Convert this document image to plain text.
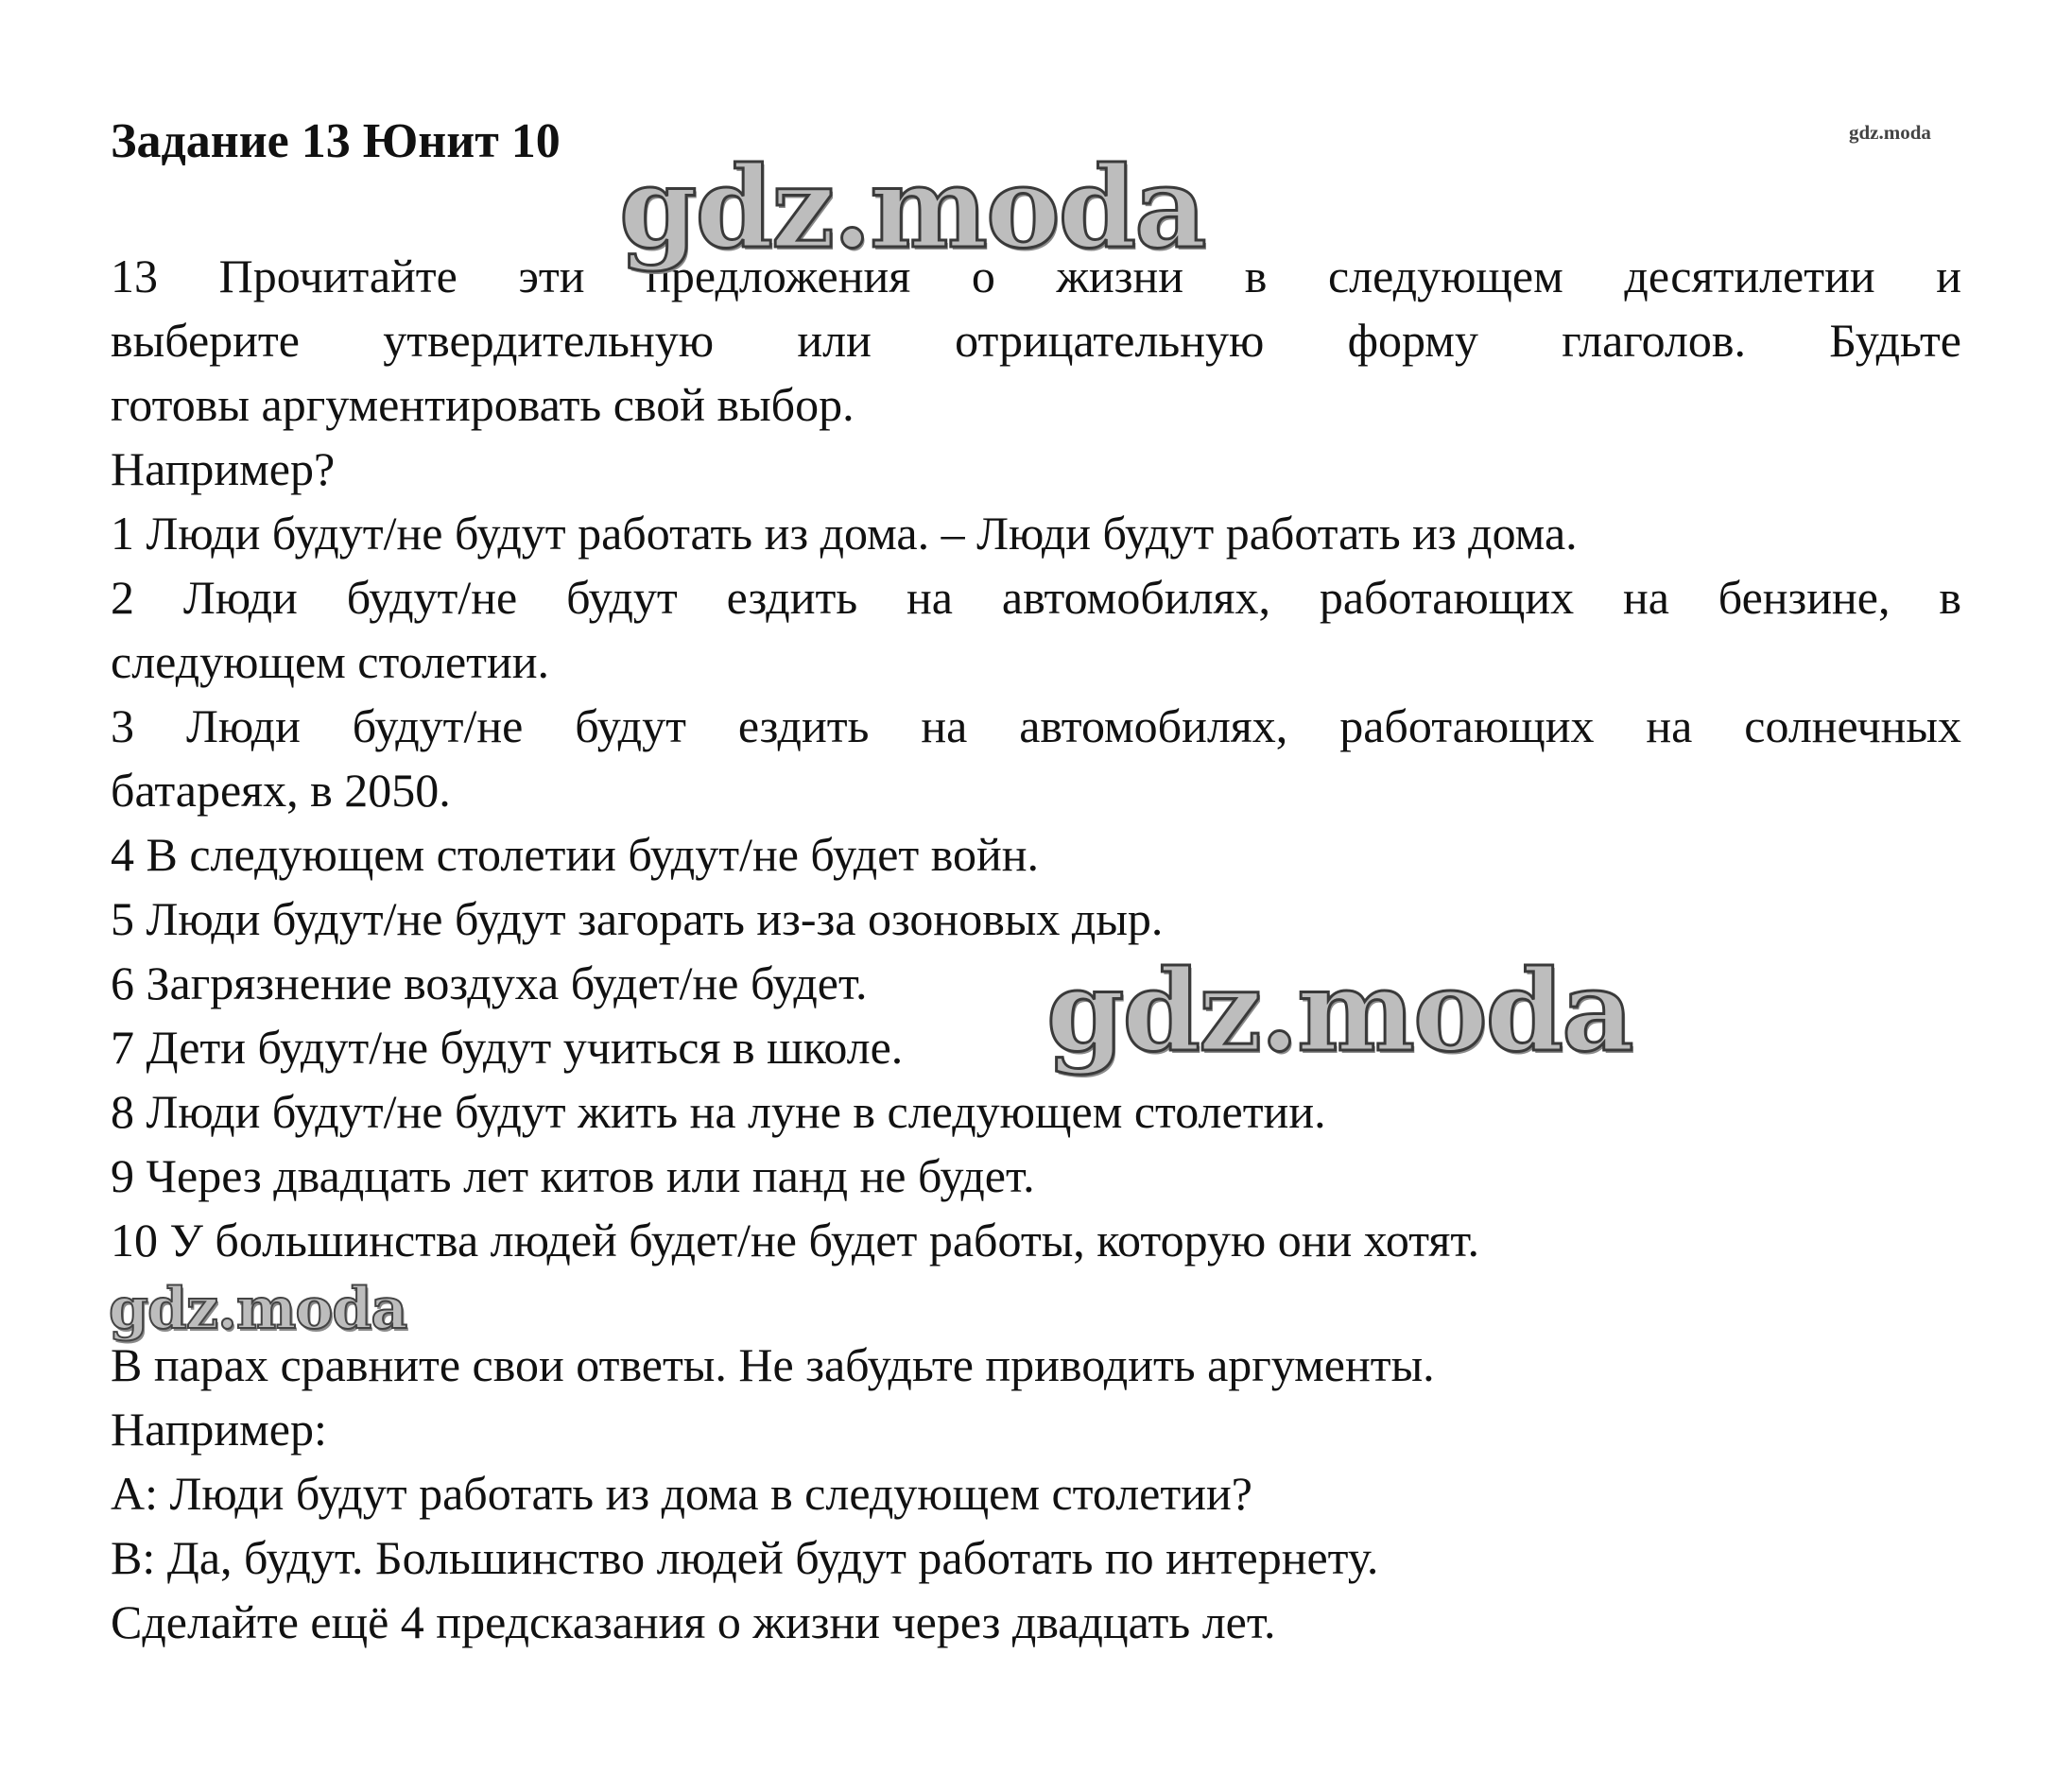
Задание 13 Юнит 10	gdz.moda
13 Прочитайте эти предложения о жизни в следующем десятилетии и
выберите утвердительную или отрицательную форму глаголов. Будьте
готовы аргументировать свой выбор.
Например?
1 Люди будут/не будут работать из дома. – Люди будут работать из дома.
2 Люди будут/не будут ездить на автомобилях, работающих на бензине, в
следующем столетии.
3 Люди будут/не будут ездить на автомобилях, работающих на солнечных
батареях, в 2050.
4 В следующем столетии будут/не будет войн.
5 Люди будут/не будут загорать из-за озоновых дыр.
6 Загрязнение воздуха будет/не будет.
7 Дети будут/не будут учиться в школе.
8 Люди будут/не будут жить на луне в следующем столетии.
9 Через двадцать лет китов или панд не будет.
10 У большинства людей будет/не будет работы, которую они хотят.
В парах сравните свои ответы. Не забудьте приводить аргументы.
Например:
А: Люди будут работать из дома в следующем столетии?
В: Да, будут. Большинство людей будут работать по интернету.
Сделайте ещё 4 предсказания о жизни через двадцать лет.
gdz.moda
gdz.moda
gdz.moda
